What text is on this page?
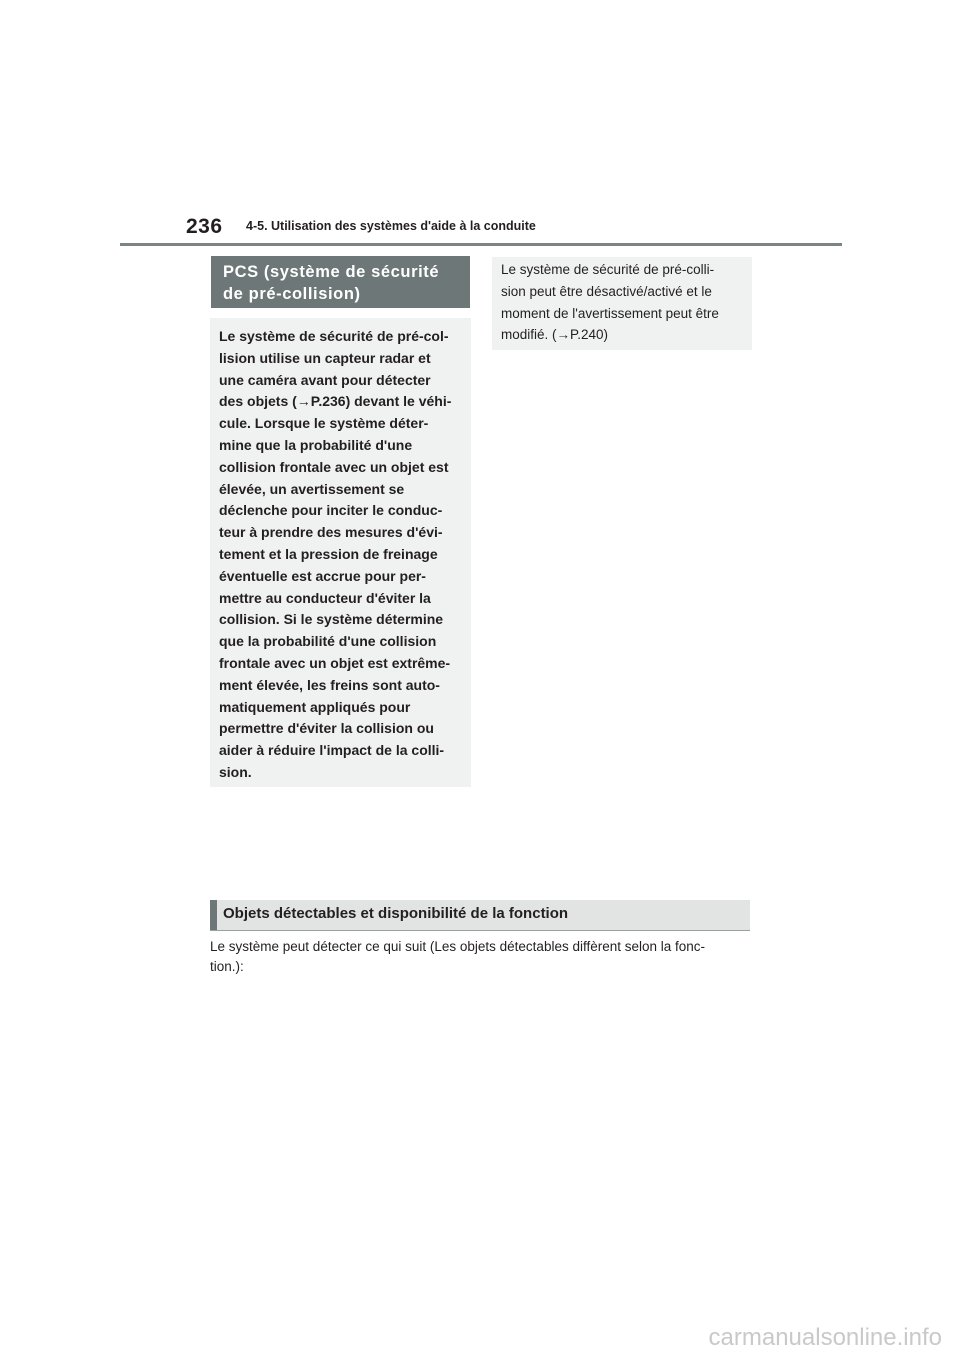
236 4-5. Utilisation des systèmes d'aide à la conduite
PCS (système de sécurité
de pré-collision)
Le système de sécurité de pré-col-
lision utilise un capteur radar et
une caméra avant pour détecter
des objets (→P.236) devant le véhi-
cule. Lorsque le système déter-
mine que la probabilité d'une
collision frontale avec un objet est
élevée, un avertissement se
déclenche pour inciter le conduc-
teur à prendre des mesures d'évi-
tement et la pression de freinage
éventuelle est accrue pour per-
mettre au conducteur d'éviter la
collision. Si le système détermine
que la probabilité d'une collision
frontale avec un objet est extrême-
ment élevée, les freins sont auto-
matiquement appliqués pour
permettre d'éviter la collision ou
aider à réduire l'impact de la colli-
sion.
Le système de sécurité de pré-colli-
sion peut être désactivé/activé et le
moment de l'avertissement peut être
modifié. (→P.240)
Objets détectables et disponibilité de la fonction
Le système peut détecter ce qui suit (Les objets détectables diffèrent selon la fonc-
tion.):
carmanualsonline.info
